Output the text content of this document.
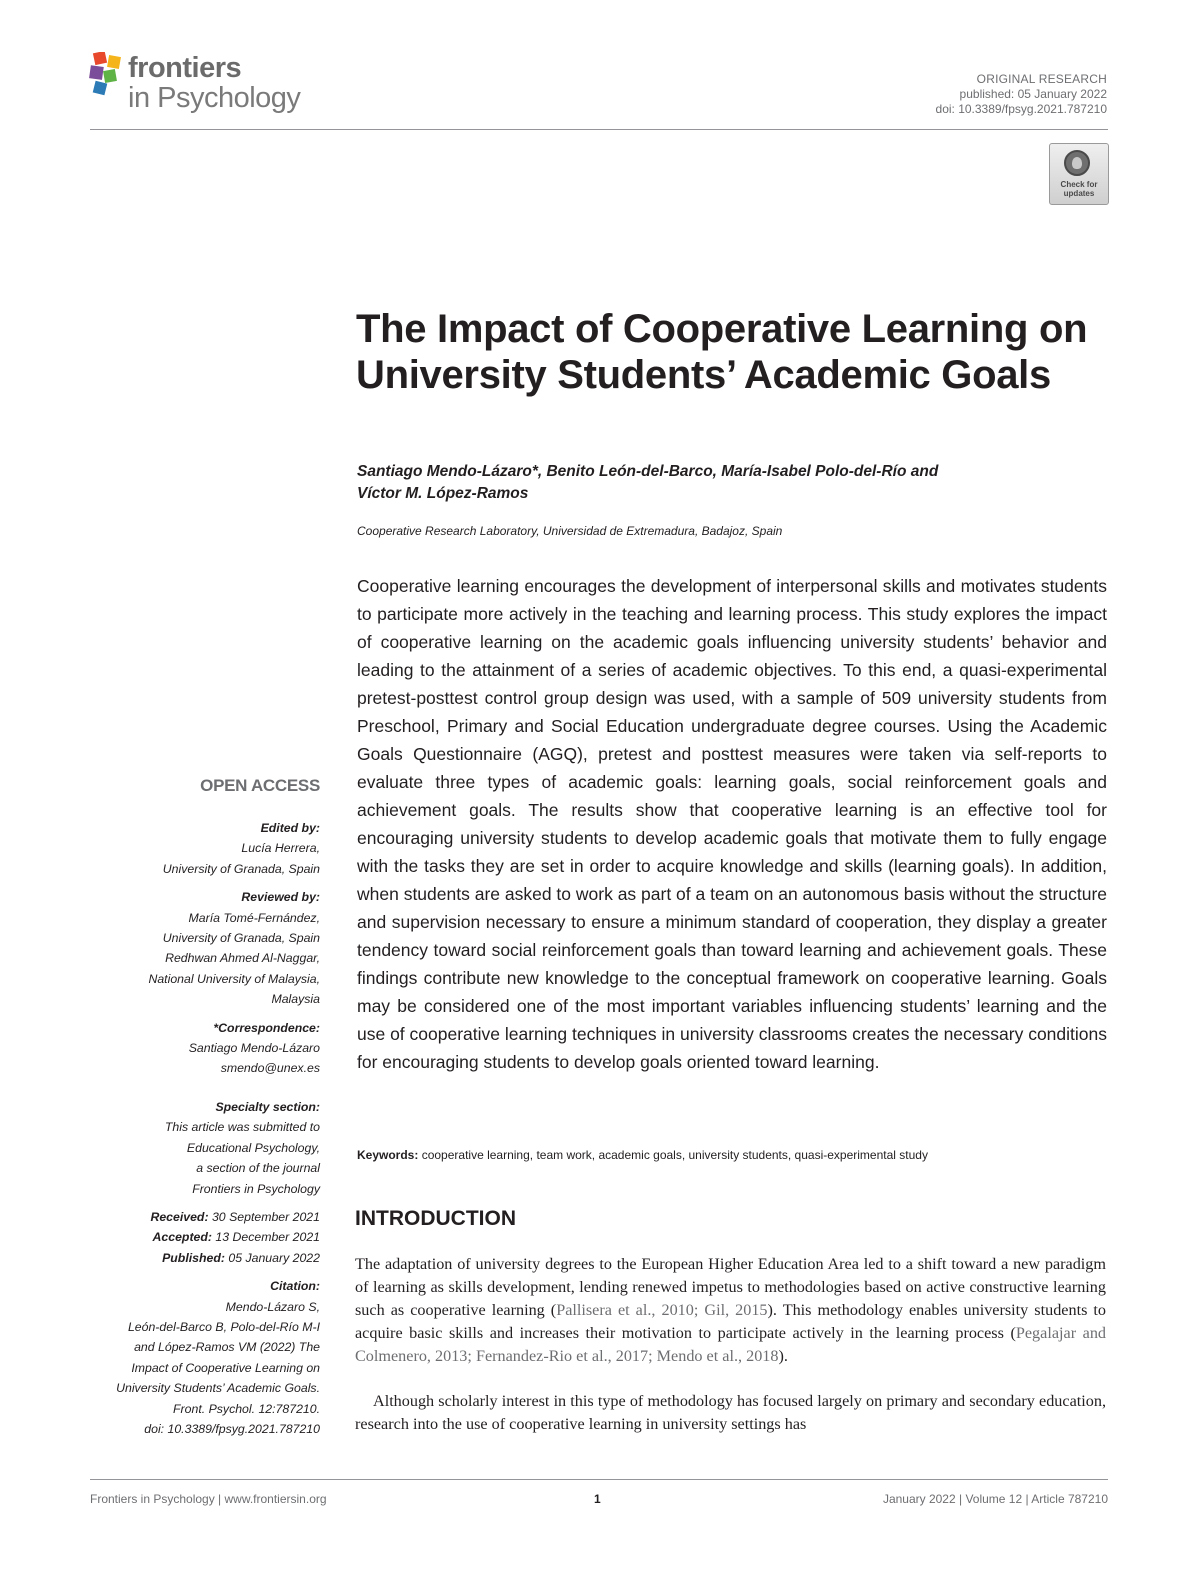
frontiers
in Psychology
ORIGINAL RESEARCH
published: 05 January 2022
doi: 10.3389/fpsyg.2021.787210
Check for
updates
The Impact of Cooperative Learning on University Students’ Academic Goals
Santiago Mendo-Lázaro*, Benito León-del-Barco, María-Isabel Polo-del-Río and
Víctor M. López-Ramos
Cooperative Research Laboratory, Universidad de Extremadura, Badajoz, Spain

Cooperative learning encourages the development of interpersonal skills and motivates students to participate more actively in the teaching and learning process. This study explores the impact of cooperative learning on the academic goals influencing university students’ behavior and leading to the attainment of a series of academic objectives. To this end, a quasi-experimental pretest-posttest control group design was used, with a sample of 509 university students from Preschool, Primary and Social Education undergraduate degree courses. Using the Academic Goals Questionnaire (AGQ), pretest and posttest measures were taken via self-reports to evaluate three types of academic goals: learning goals, social reinforcement goals and achievement goals. The results show that cooperative learning is an effective tool for encouraging university students to develop academic goals that motivate them to fully engage with the tasks they are set in order to acquire knowledge and skills (learning goals). In addition, when students are asked to work as part of a team on an autonomous basis without the structure and supervision necessary to ensure a minimum standard of cooperation, they display a greater tendency toward social reinforcement goals than toward learning and achievement goals. These findings contribute new knowledge to the conceptual framework on cooperative learning. Goals may be considered one of the most important variables influencing students’ learning and the use of cooperative learning techniques in university classrooms creates the necessary conditions for encouraging students to develop goals oriented toward learning.

Keywords: cooperative learning, team work, academic goals, university students, quasi-experimental study
INTRODUCTION

The adaptation of university degrees to the European Higher Education Area led to a shift toward a new paradigm of learning as skills development, lending renewed impetus to methodologies based on active constructive learning such as cooperative learning (Pallisera et al., 2010; Gil, 2015). This methodology enables university students to acquire basic skills and increases their motivation to participate actively in the learning process (Pegalajar and Colmenero, 2013; Fernandez-Rio et al., 2017; Mendo et al., 2018).

Although scholarly interest in this type of methodology has focused largely on primary and secondary education, research into the use of cooperative learning in university settings has

OPEN ACCESS
Edited by:
Lucía Herrera,
University of Granada, Spain
Reviewed by:
María Tomé-Fernández,
University of Granada, Spain
Redhwan Ahmed Al-Naggar,
National University of Malaysia,
Malaysia
*Correspondence:
Santiago Mendo-Lázaro
smendo@unex.es
Specialty section:
This article was submitted to
Educational Psychology,
a section of the journal
Frontiers in Psychology
Received: 30 September 2021
Accepted: 13 December 2021
Published: 05 January 2022
Citation:
Mendo-Lázaro S,
León-del-Barco B, Polo-del-Río M-I
and López-Ramos VM (2022) The
Impact of Cooperative Learning on
University Students’ Academic Goals.
Front. Psychol. 12:787210.
doi: 10.3389/fpsyg.2021.787210
Frontiers in Psychology | www.frontiersin.org	1	January 2022 | Volume 12 | Article 787210
